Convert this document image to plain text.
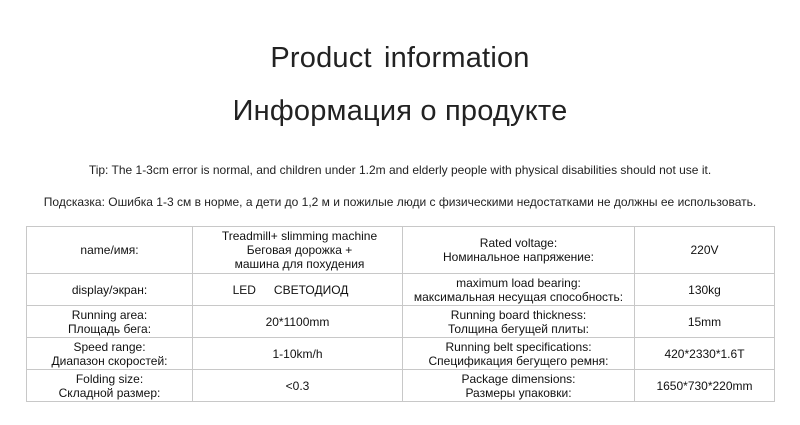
Product information
Информация о продукте
Tip: The 1-3cm error is normal, and children under 1.2m and elderly people with physical disabilities should not use it.
Подсказка: Ошибка 1-3 см в норме, а дети до 1,2 м и пожилые люди с физическими недостатками не должны ее использовать.
name/имя:	Treadmill+ slimming machine
Беговая дорожка +
машина для похудения	Rated voltage:
Номинальное напряжение:	220V

display/экран:	LED СВЕТОДИОД	maximum load bearing:
максимальная несущая способность:	130kg

Running area:
Площадь бега:	20*1100mm	Running board thickness:
Толщина бегущей плиты:	15mm

Speed range:
Диапазон скоростей:	1-10km/h	Running belt specifications:
Спецификация бегущего ремня:	420*2330*1.6T

Folding size:
Складной размер:	<0.3	Package dimensions:
Размеры упаковки:	1650*730*220mm
